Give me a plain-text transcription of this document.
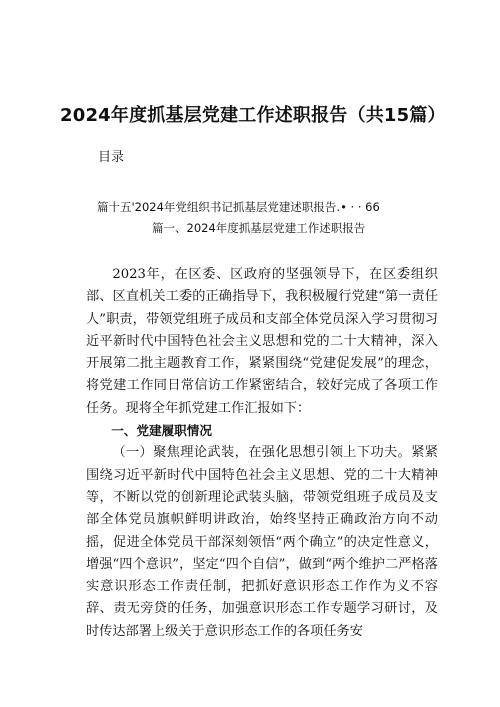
2024年度抓基层党建工作述职报告（共15篇）
目录
篇十五'2024年党组织书记抓基层党建述职报告.• · · 66
篇一、2024年度抓基层党建工作述职报告

2023年，在区委、区政府的坚强领导下，在区委组织部、区直机关工委的正确指导下，我积极履行党建“第一责任人”职责，带领党组班子成员和支部全体党员深入学习贯彻习近平新时代中国特色社会主义思想和党的二十大精神，深入开展第二批主题教育工作，紧紧围绕“党建促发展”的理念，将党建工作同日常信访工作紧密结合，较好完成了各项工作任务。现将全年抓党建工作汇报如下：

一、党建履职情况

（一）聚焦理论武装，在强化思想引领上下功夫。紧紧围绕习近平新时代中国特色社会主义思想、党的二十大精神等，不断以党的创新理论武装头脑，带领党组班子成员及支部全体党员旗帜鲜明讲政治，始终坚持正确政治方向不动摇，促进全体党员干部深刻领悟“两个确立”的决定性意义，增强“四个意识”，坚定“四个自信”，做到“两个维护二严格落实意识形态工作责任制，把抓好意识形态工作作为义不容辞、责无旁贷的任务，加强意识形态工作专题学习研讨，及时传达部署上级关于意识形态工作的各项任务安
